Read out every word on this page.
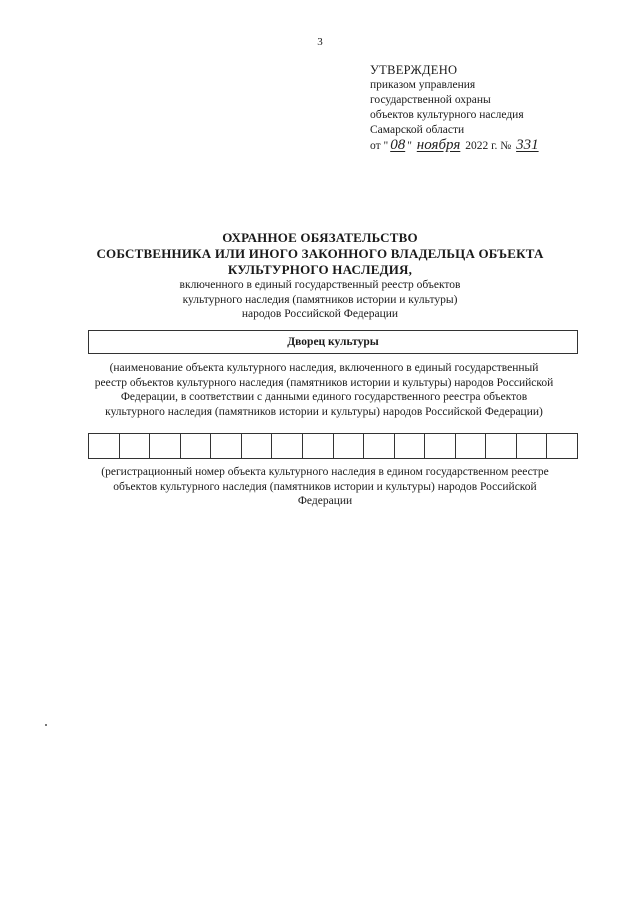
3
УТВЕРЖДЕНО
приказом управления
государственной охраны
объектов культурного наследия
Самарской области
от " 08 " ноября 2022 г. № 331
ОХРАННОЕ ОБЯЗАТЕЛЬСТВО
СОБСТВЕННИКА ИЛИ ИНОГО ЗАКОННОГО ВЛАДЕЛЬЦА ОБЪЕКТА
КУЛЬТУРНОГО НАСЛЕДИЯ,
включенного в единый государственный реестр объектов
культурного наследия (памятников истории и культуры)
народов Российской Федерации
Дворец культуры
(наименование объекта культурного наследия, включенного в единый государственный
реестр объектов культурного наследия (памятников истории и культуры) народов Российской
Федерации, в соответствии с данными единого государственного реестра объектов
культурного наследия (памятников истории и культуры) народов Российской Федерации)
(регистрационный номер объекта культурного наследия в едином государственном реестре
объектов культурного наследия (памятников истории и культуры) народов Российской
Федерации
